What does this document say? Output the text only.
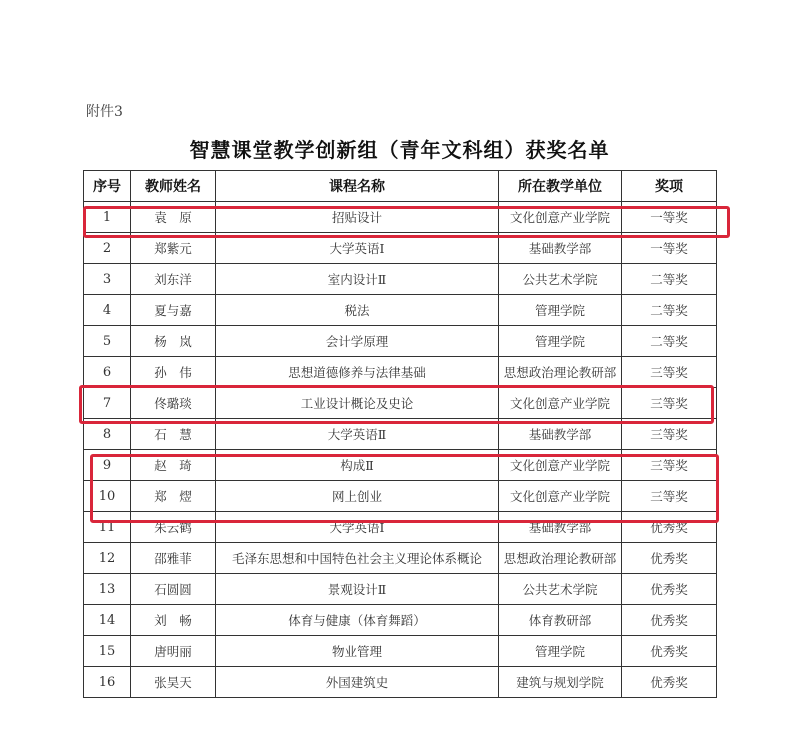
附件3
智慧课堂教学创新组（青年文科组）获奖名单
序号	教师姓名	课程名称	所在教学单位	奖项
1	袁　原	招贴设计	文化创意产业学院	一等奖
2	郑紫元	大学英语Ⅰ	基础教学部	一等奖
3	刘东洋	室内设计Ⅱ	公共艺术学院	二等奖
4	夏与嘉	税法	管理学院	二等奖
5	杨　岚	会计学原理	管理学院	二等奖
6	孙　伟	思想道德修养与法律基础	思想政治理论教研部	三等奖
7	佟璐琰	工业设计概论及史论	文化创意产业学院	三等奖
8	石　慧	大学英语Ⅱ	基础教学部	三等奖
9	赵　琦	构成Ⅱ	文化创意产业学院	三等奖
10	郑　熤	网上创业	文化创意产业学院	三等奖
11	朱云鹤	大学英语Ⅰ	基础教学部	优秀奖
12	邵雅菲	毛泽东思想和中国特色社会主义理论体系概论	思想政治理论教研部	优秀奖
13	石圆圆	景观设计Ⅱ	公共艺术学院	优秀奖
14	刘　畅	体育与健康（体育舞蹈）	体育教研部	优秀奖
15	唐明丽	物业管理	管理学院	优秀奖
16	张昊天	外国建筑史	建筑与规划学院	优秀奖
